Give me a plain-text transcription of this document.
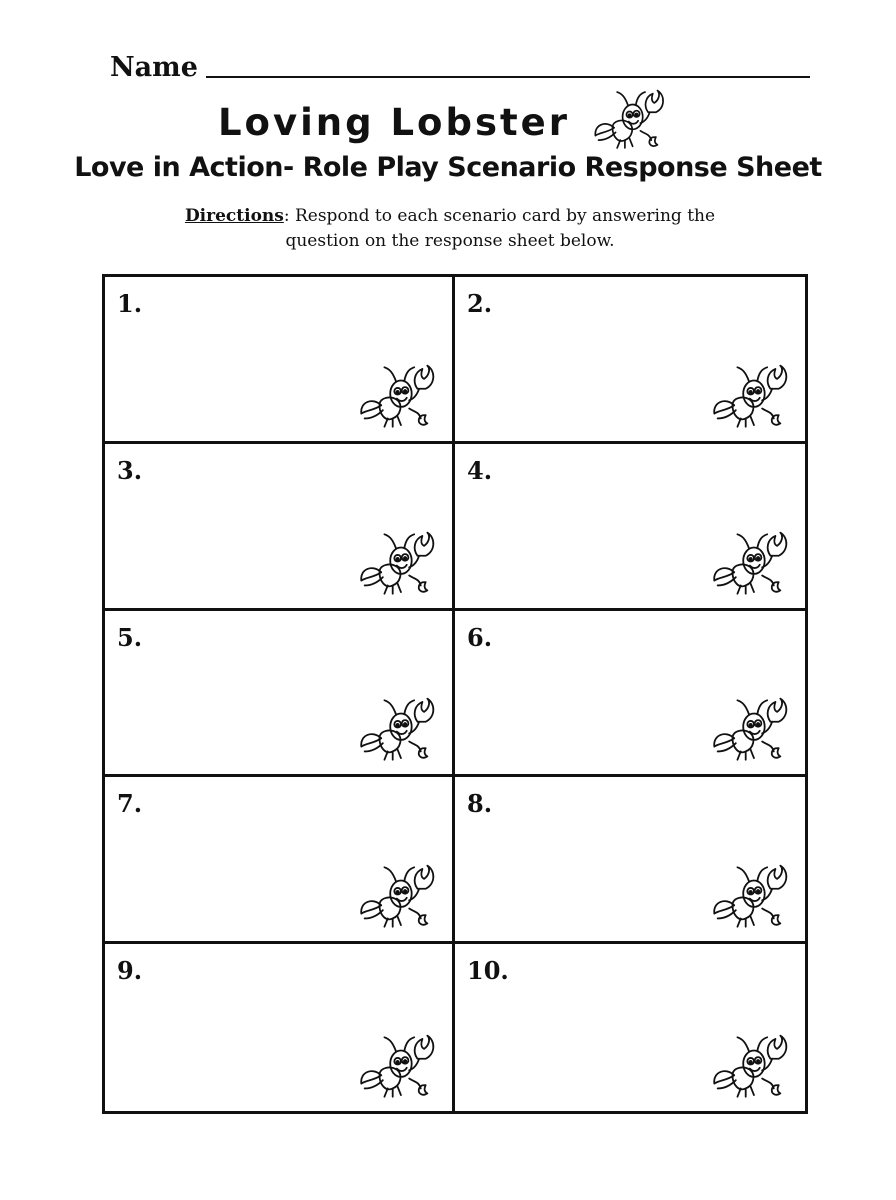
Name
Loving Lobster
Love in Action- Role Play Scenario Response Sheet
Directions: Respond to each scenario card by answering the question on the response sheet below.
1.	2.
3.	4.
5.	6.
7.	8.
9.	10.
